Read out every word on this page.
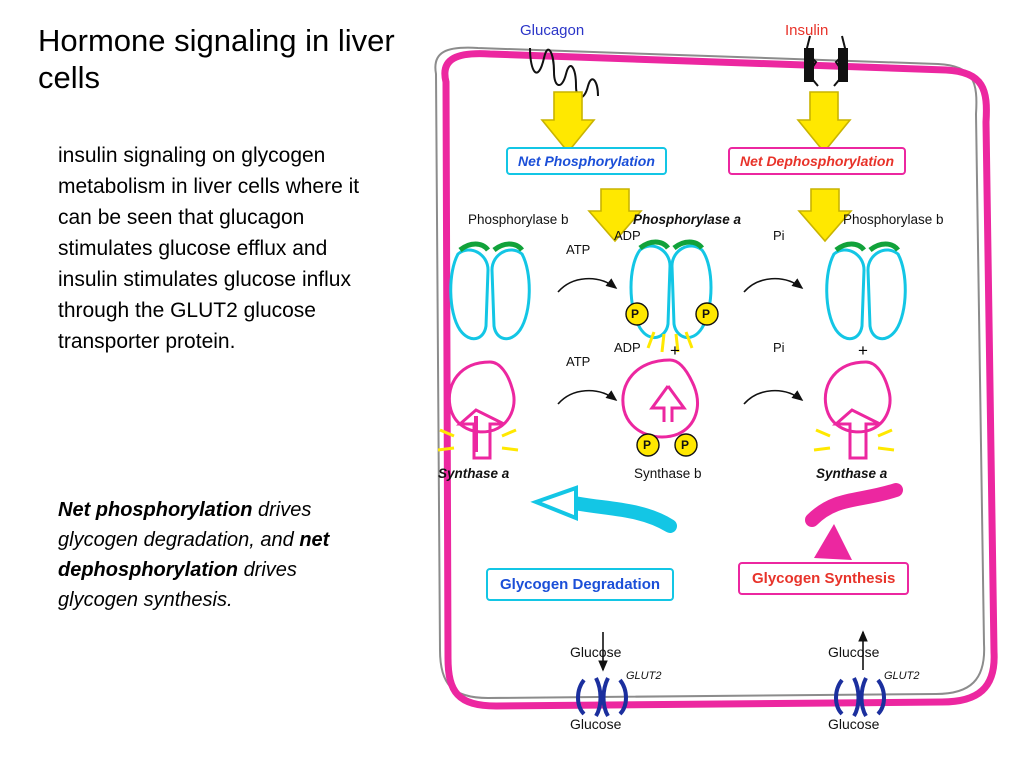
Hormone signaling in liver cells
insulin signaling on glycogen metabolism in liver cells where it can be seen that glucagon stimulates glucose efflux and insulin stimulates glucose influx through the GLUT2 glucose transporter protein.
Net phosphorylation drives glycogen degradation, and net dephosphorylation drives glycogen synthesis.
+	+
Glucagon	Insulin
Net Phosphorylation	Net Dephosphorylation
Phosphorylase b	Phosphorylase a	Phosphorylase b
ATP
ADP	Pi
ATP
ADP	Pi
P	P
P P
Synthase a	Synthase b	Synthase a
Glycogen Degradation	Glycogen Synthesis
Glucose
Glucose
GLUT2
Glucose
Glucose
GLUT2
